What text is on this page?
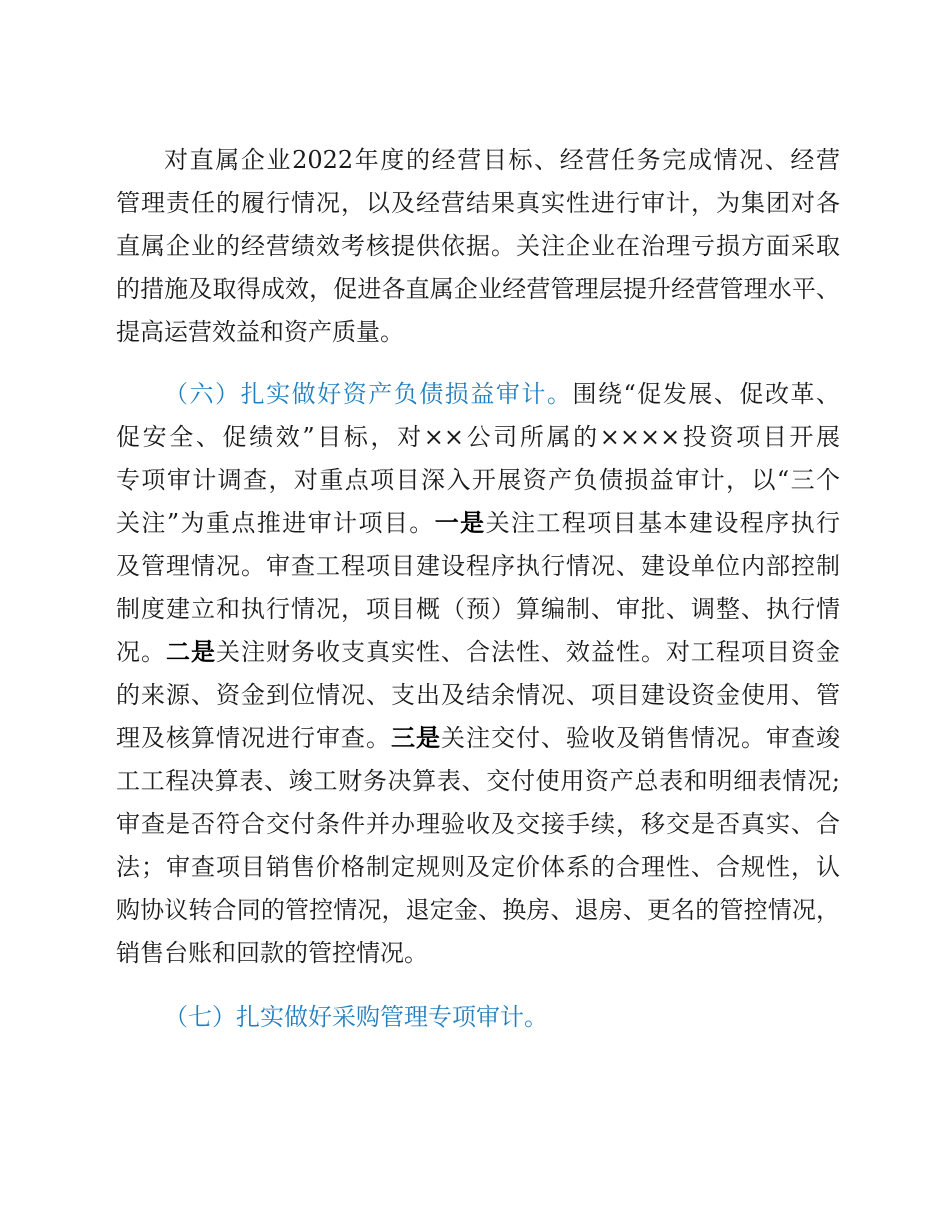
对直属企业2022年度的经营目标、经营任务完成情况、经营
管理责任的履行情况，以及经营结果真实性进行审计，为集团对各
直属企业的经营绩效考核提供依据。关注企业在治理亏损方面采取
的措施及取得成效，促进各直属企业经营管理层提升经营管理水平、
提高运营效益和资产质量。
（六）扎实做好资产负债损益审计。围绕“促发展、促改革、
促安全、促绩效”目标，对××公司所属的××××投资项目开展
专项审计调查，对重点项目深入开展资产负债损益审计，以“三个
关注”为重点推进审计项目。一是关注工程项目基本建设程序执行
及管理情况。审查工程项目建设程序执行情况、建设单位内部控制
制度建立和执行情况，项目概（预）算编制、审批、调整、执行情
况。二是关注财务收支真实性、合法性、效益性。对工程项目资金
的来源、资金到位情况、支出及结余情况、项目建设资金使用、管
理及核算情况进行审查。三是关注交付、验收及销售情况。审查竣
工工程决算表、竣工财务决算表、交付使用资产总表和明细表情况;
审查是否符合交付条件并办理验收及交接手续，移交是否真实、合
法；审查项目销售价格制定规则及定价体系的合理性、合规性，认
购协议转合同的管控情况，退定金、换房、退房、更名的管控情况，
销售台账和回款的管控情况。
（七）扎实做好采购管理专项审计。
